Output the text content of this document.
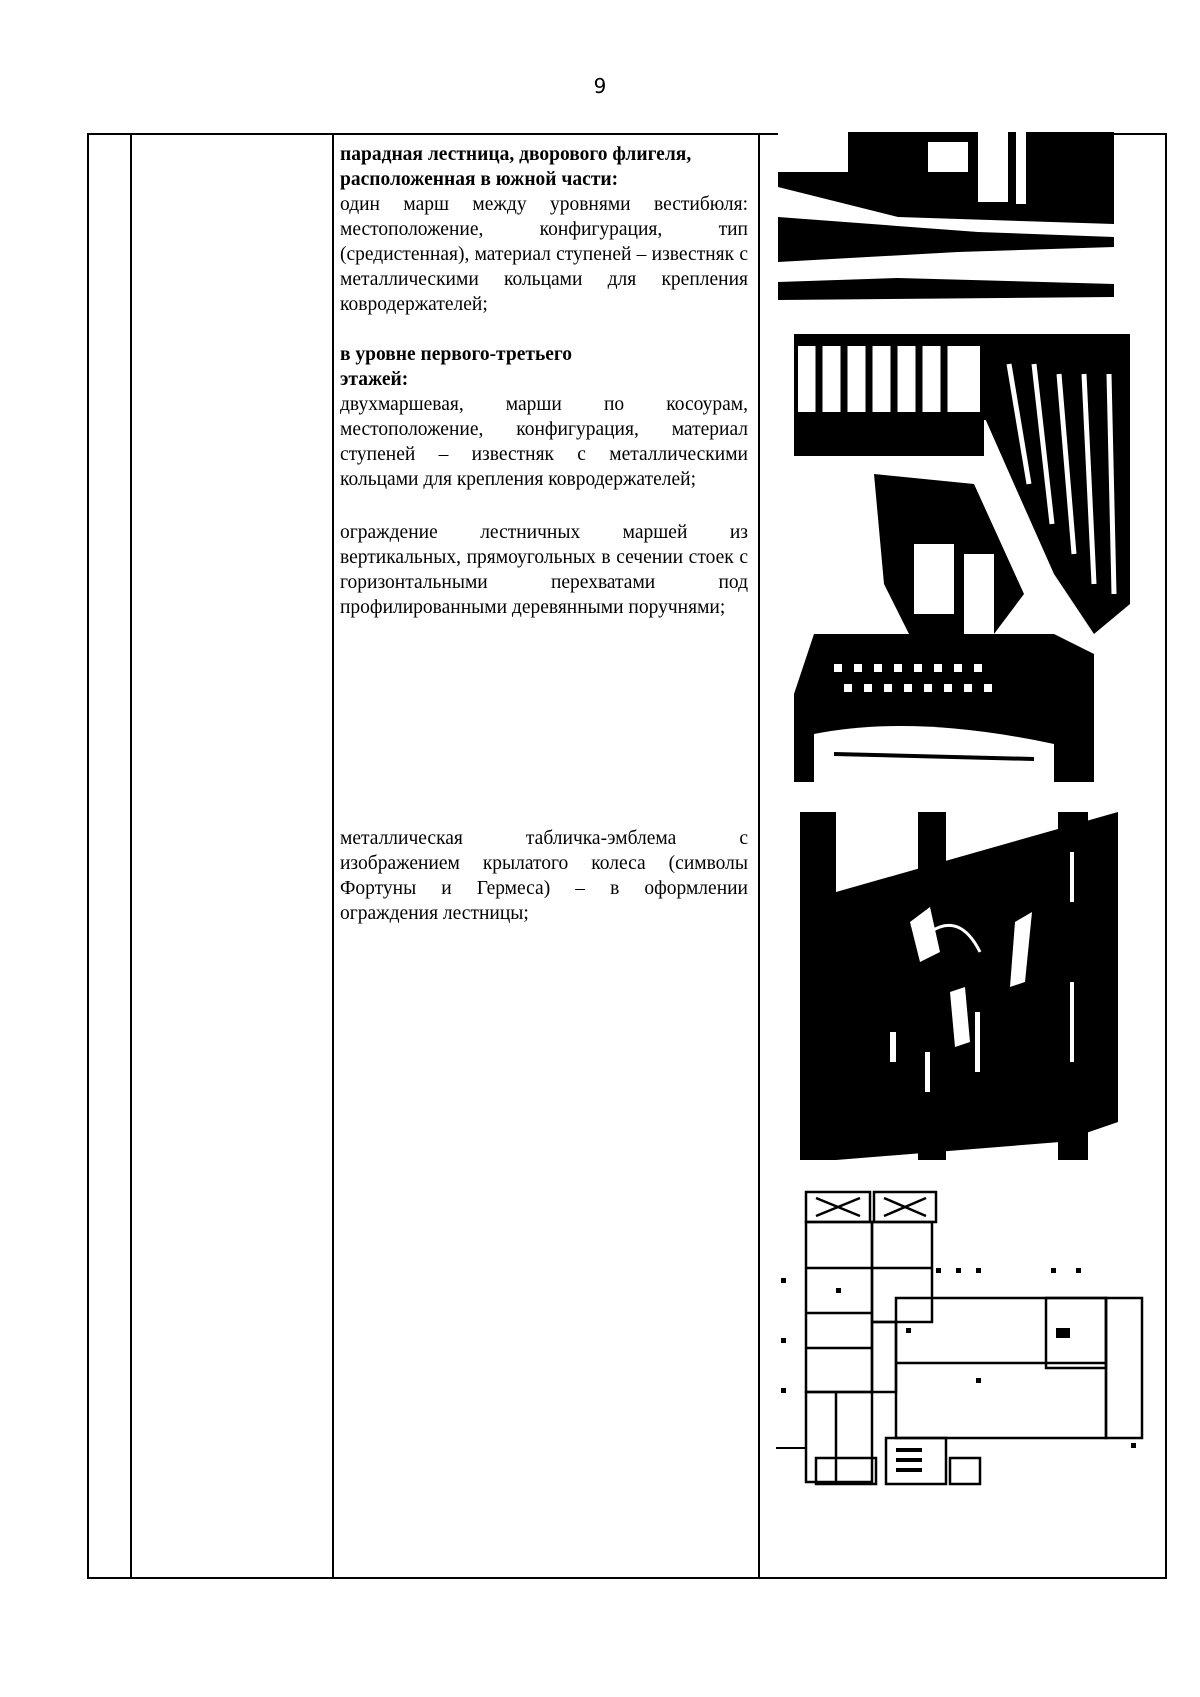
9
парадная лестница, дворового флигеля, расположенная в южной части:

один марш между уровнями вестибюля: местоположение, конфигурация, тип (средистенная), материал ступеней – известняк с металлическими кольцами для крепления ковродержателей;

в уровне первого-третьего этажей:

двухмаршевая, марши по косоурам, местоположение, конфигурация, материал ступеней – известняк с металлическими кольцами для крепления ковродержателей;

ограждение лестничных маршей из вертикальных, прямоугольных в сечении стоек с горизонтальными перехватами под профилированными деревянными поручнями;

металлическая табличка-эмблема с изображением крылатого колеса (символы Фортуны и Гермеса) – в оформлении ограждения лестницы;
